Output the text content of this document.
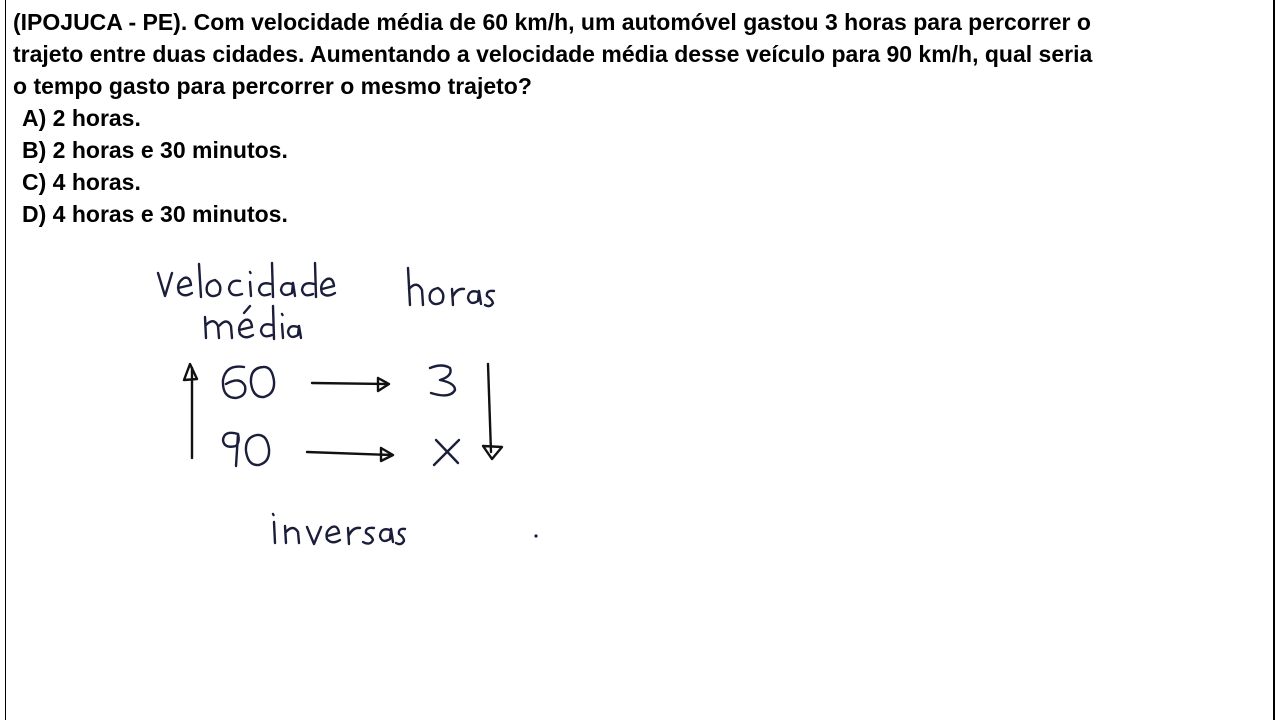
(IPOJUCA - PE). Com velocidade média de 60 km/h, um automóvel gastou 3 horas para percorrer o
trajeto entre duas cidades. Aumentando a velocidade média desse veículo para 90 km/h, qual seria
o tempo gasto para percorrer o mesmo trajeto?

A) 2 horas.
B) 2 horas e 30 minutos.
C) 4 horas.
D) 4 horas e 30 minutos.
